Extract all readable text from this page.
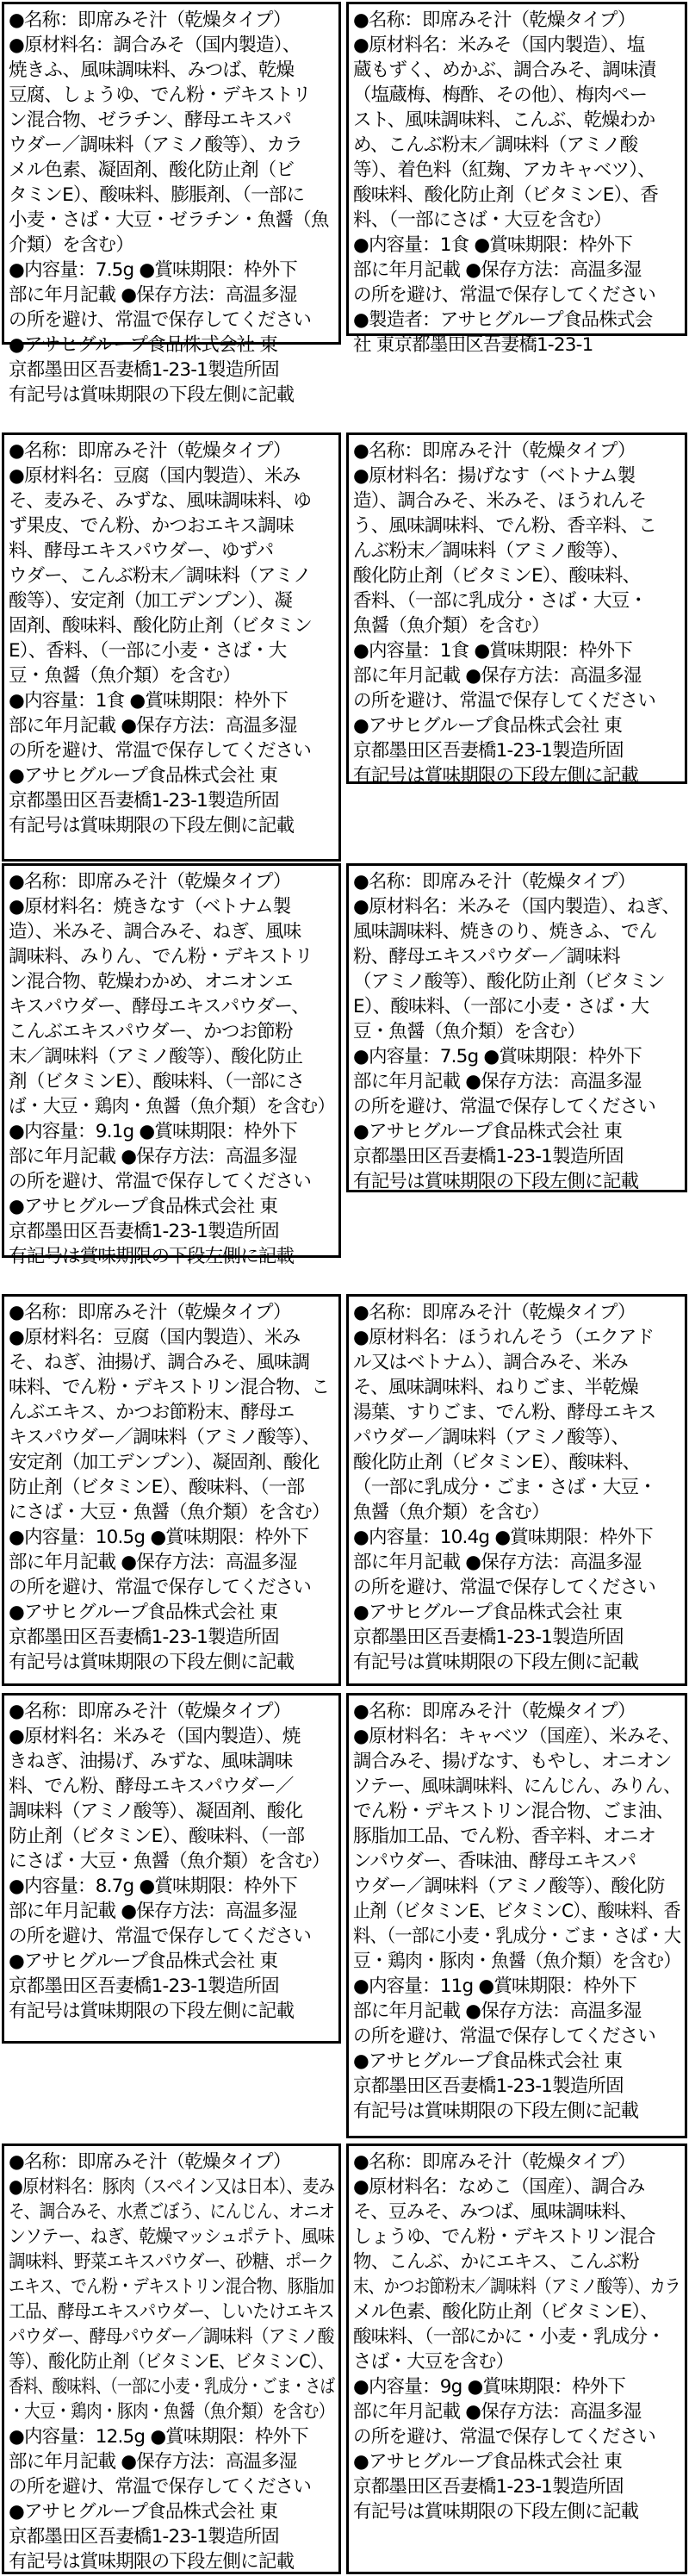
●名称：即席みそ汁（乾燥タイプ）
●原材料名：調合みそ（国内製造）、
焼きふ、風味調味料、みつば、乾燥
豆腐、しょうゆ、でん粉・デキストリ
ン混合物、ゼラチン、酵母エキスパ
ウダー／調味料（アミノ酸等）、カラ
メル色素、凝固剤、酸化防止剤（ビ
タミンE）、酸味料、膨脹剤、（一部に
小麦・さば・大豆・ゼラチン・魚醤（魚
介類）を含む）
●内容量：7.5g ●賞味期限：枠外下
部に年月記載 ●保存方法：高温多湿
の所を避け、常温で保存してください
●アサヒグループ食品株式会社 東
京都墨田区吾妻橋1-23-1製造所固
有記号は賞味期限の下段左側に記載
●名称：即席みそ汁（乾燥タイプ）
●原材料名：米みそ（国内製造）、塩
蔵もずく、めかぶ、調合みそ、調味漬
（塩蔵梅、梅酢、その他）、梅肉ペー
スト、風味調味料、こんぶ、乾燥わか
め、こんぶ粉末／調味料（アミノ酸
等）、着色料（紅麹、アカキャベツ）、
酸味料、酸化防止剤（ビタミンE）、香
料、（一部にさば・大豆を含む）
●内容量：1食 ●賞味期限：枠外下
部に年月記載 ●保存方法：高温多湿
の所を避け、常温で保存してください
●製造者：アサヒグループ食品株式会
社 東京都墨田区吾妻橋1-23-1
●名称：即席みそ汁（乾燥タイプ）
●原材料名：豆腐（国内製造）、米み
そ、麦みそ、みずな、風味調味料、ゆ
ず果皮、でん粉、かつおエキス調味
料、酵母エキスパウダー、ゆずパ
ウダー、こんぶ粉末／調味料（アミノ
酸等）、安定剤（加工デンプン）、凝
固剤、酸味料、酸化防止剤（ビタミン
E）、香料、（一部に小麦・さば・大
豆・魚醤（魚介類）を含む）
●内容量：1食 ●賞味期限：枠外下
部に年月記載 ●保存方法：高温多湿
の所を避け、常温で保存してください
●アサヒグループ食品株式会社 東
京都墨田区吾妻橋1-23-1製造所固
有記号は賞味期限の下段左側に記載
●名称：即席みそ汁（乾燥タイプ）
●原材料名：揚げなす（ベトナム製
造）、調合みそ、米みそ、ほうれんそ
う、風味調味料、でん粉、香辛料、こ
んぶ粉末／調味料（アミノ酸等）、
酸化防止剤（ビタミンE）、酸味料、
香料、（一部に乳成分・さば・大豆・
魚醤（魚介類）を含む）
●内容量：1食 ●賞味期限：枠外下
部に年月記載 ●保存方法：高温多湿
の所を避け、常温で保存してください
●アサヒグループ食品株式会社 東
京都墨田区吾妻橋1-23-1製造所固
有記号は賞味期限の下段左側に記載
●名称：即席みそ汁（乾燥タイプ）
●原材料名：焼きなす（ベトナム製
造）、米みそ、調合みそ、ねぎ、風味
調味料、みりん、でん粉・デキストリ
ン混合物、乾燥わかめ、オニオンエ
キスパウダー、酵母エキスパウダー、
こんぶエキスパウダー、かつお節粉
末／調味料（アミノ酸等）、酸化防止
剤（ビタミンE）、酸味料、（一部にさ
ば・大豆・鶏肉・魚醤（魚介類）を含む）
●内容量：9.1g ●賞味期限：枠外下
部に年月記載 ●保存方法：高温多湿
の所を避け、常温で保存してください
●アサヒグループ食品株式会社 東
京都墨田区吾妻橋1-23-1製造所固
有記号は賞味期限の下段左側に記載
●名称：即席みそ汁（乾燥タイプ）
●原材料名：米みそ（国内製造）、ねぎ、
風味調味料、焼きのり、焼きふ、でん
粉、酵母エキスパウダー／調味料
（アミノ酸等）、酸化防止剤（ビタミン
E）、酸味料、（一部に小麦・さば・大
豆・魚醤（魚介類）を含む）
●内容量：7.5g ●賞味期限：枠外下
部に年月記載 ●保存方法：高温多湿
の所を避け、常温で保存してください
●アサヒグループ食品株式会社 東
京都墨田区吾妻橋1-23-1製造所固
有記号は賞味期限の下段左側に記載
●名称：即席みそ汁（乾燥タイプ）
●原材料名：豆腐（国内製造）、米み
そ、ねぎ、油揚げ、調合みそ、風味調
味料、でん粉・デキストリン混合物、こ
んぶエキス、かつお節粉末、酵母エ
キスパウダー／調味料（アミノ酸等）、
安定剤（加工デンプン）、凝固剤、酸化
防止剤（ビタミンE）、酸味料、（一部
にさば・大豆・魚醤（魚介類）を含む）
●内容量：10.5g ●賞味期限：枠外下
部に年月記載 ●保存方法：高温多湿
の所を避け、常温で保存してください
●アサヒグループ食品株式会社 東
京都墨田区吾妻橋1-23-1製造所固
有記号は賞味期限の下段左側に記載
●名称：即席みそ汁（乾燥タイプ）
●原材料名：ほうれんそう（エクアド
ル又はベトナム）、調合みそ、米み
そ、風味調味料、ねりごま、半乾燥
湯葉、すりごま、でん粉、酵母エキス
パウダー／調味料（アミノ酸等）、
酸化防止剤（ビタミンE）、酸味料、
（一部に乳成分・ごま・さば・大豆・
魚醤（魚介類）を含む）
●内容量：10.4g ●賞味期限：枠外下
部に年月記載 ●保存方法：高温多湿
の所を避け、常温で保存してください
●アサヒグループ食品株式会社 東
京都墨田区吾妻橋1-23-1製造所固
有記号は賞味期限の下段左側に記載
●名称：即席みそ汁（乾燥タイプ）
●原材料名：米みそ（国内製造）、焼
きねぎ、油揚げ、みずな、風味調味
料、でん粉、酵母エキスパウダー／
調味料（アミノ酸等）、凝固剤、酸化
防止剤（ビタミンE）、酸味料、（一部
にさば・大豆・魚醤（魚介類）を含む）
●内容量：8.7g ●賞味期限：枠外下
部に年月記載 ●保存方法：高温多湿
の所を避け、常温で保存してください
●アサヒグループ食品株式会社 東
京都墨田区吾妻橋1-23-1製造所固
有記号は賞味期限の下段左側に記載
●名称：即席みそ汁（乾燥タイプ）
●原材料名：キャベツ（国産）、米みそ、
調合みそ、揚げなす、もやし、オニオン
ソテー、風味調味料、にんじん、みりん、
でん粉・デキストリン混合物、ごま油、
豚脂加工品、でん粉、香辛料、オニオ
ンパウダー、香味油、酵母エキスパ
ウダー／調味料（アミノ酸等）、酸化防
止剤（ビタミンE、ビタミンC）、酸味料、香
料、（一部に小麦・乳成分・ごま・さば・大
豆・鶏肉・豚肉・魚醤（魚介類）を含む）
●内容量：11g ●賞味期限：枠外下
部に年月記載 ●保存方法：高温多湿
の所を避け、常温で保存してください
●アサヒグループ食品株式会社 東
京都墨田区吾妻橋1-23-1製造所固
有記号は賞味期限の下段左側に記載
●名称：即席みそ汁（乾燥タイプ）
●原材料名：豚肉（スペイン又は日本）、麦み
そ、調合みそ、水煮ごぼう、にんじん、オニオ
ンソテー、ねぎ、乾燥マッシュポテト、風味
調味料、野菜エキスパウダー、砂糖、ポーク
エキス、でん粉・デキストリン混合物、豚脂加
工品、酵母エキスパウダー、しいたけエキス
パウダー、酵母パウダー／調味料（アミノ酸
等）、酸化防止剤（ビタミンE、ビタミンC）、
香料、酸味料、（一部に小麦・乳成分・ごま・さば
・大豆・鶏肉・豚肉・魚醤（魚介類）を含む）
●内容量：12.5g ●賞味期限：枠外下
部に年月記載 ●保存方法：高温多湿
の所を避け、常温で保存してください
●アサヒグループ食品株式会社 東
京都墨田区吾妻橋1-23-1製造所固
有記号は賞味期限の下段左側に記載
●名称：即席みそ汁（乾燥タイプ）
●原材料名：なめこ（国産）、調合み
そ、豆みそ、みつば、風味調味料、
しょうゆ、でん粉・デキストリン混合
物、こんぶ、かにエキス、こんぶ粉
末、かつお節粉末／調味料（アミノ酸等）、カラ
メル色素、酸化防止剤（ビタミンE）、
酸味料、（一部にかに・小麦・乳成分・
さば・大豆を含む）
●内容量：9g ●賞味期限：枠外下
部に年月記載 ●保存方法：高温多湿
の所を避け、常温で保存してください
●アサヒグループ食品株式会社 東
京都墨田区吾妻橋1-23-1製造所固
有記号は賞味期限の下段左側に記載
